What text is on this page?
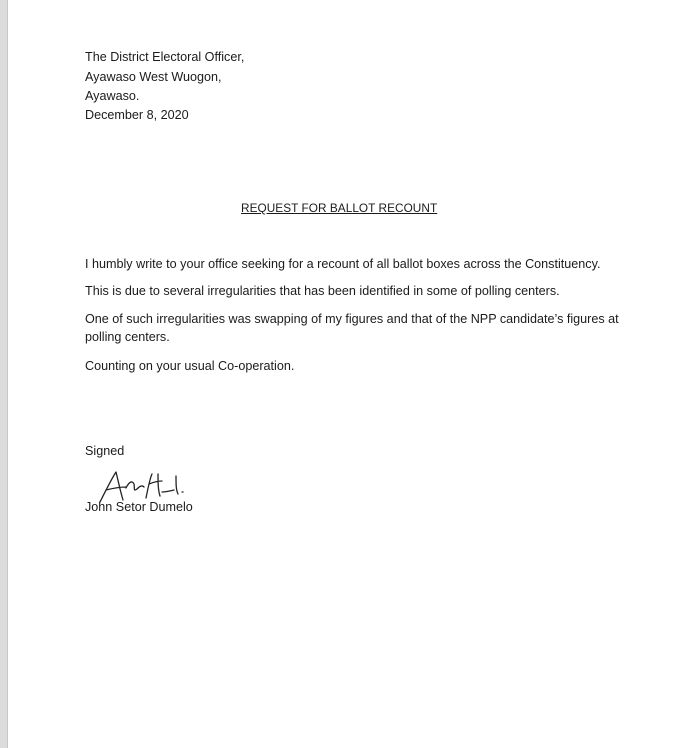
The District Electoral Officer,
Ayawaso West Wuogon,
Ayawaso.
December 8, 2020
REQUEST FOR BALLOT RECOUNT
I humbly write to your office seeking for a recount of all ballot boxes across the Constituency.
This is due to several irregularities that has been identified in some of polling centers.
One of such irregularities was swapping of my figures and that of the NPP candidate’s figures at
polling centers.
Counting on your usual Co-operation.
Signed
John Setor Dumelo
